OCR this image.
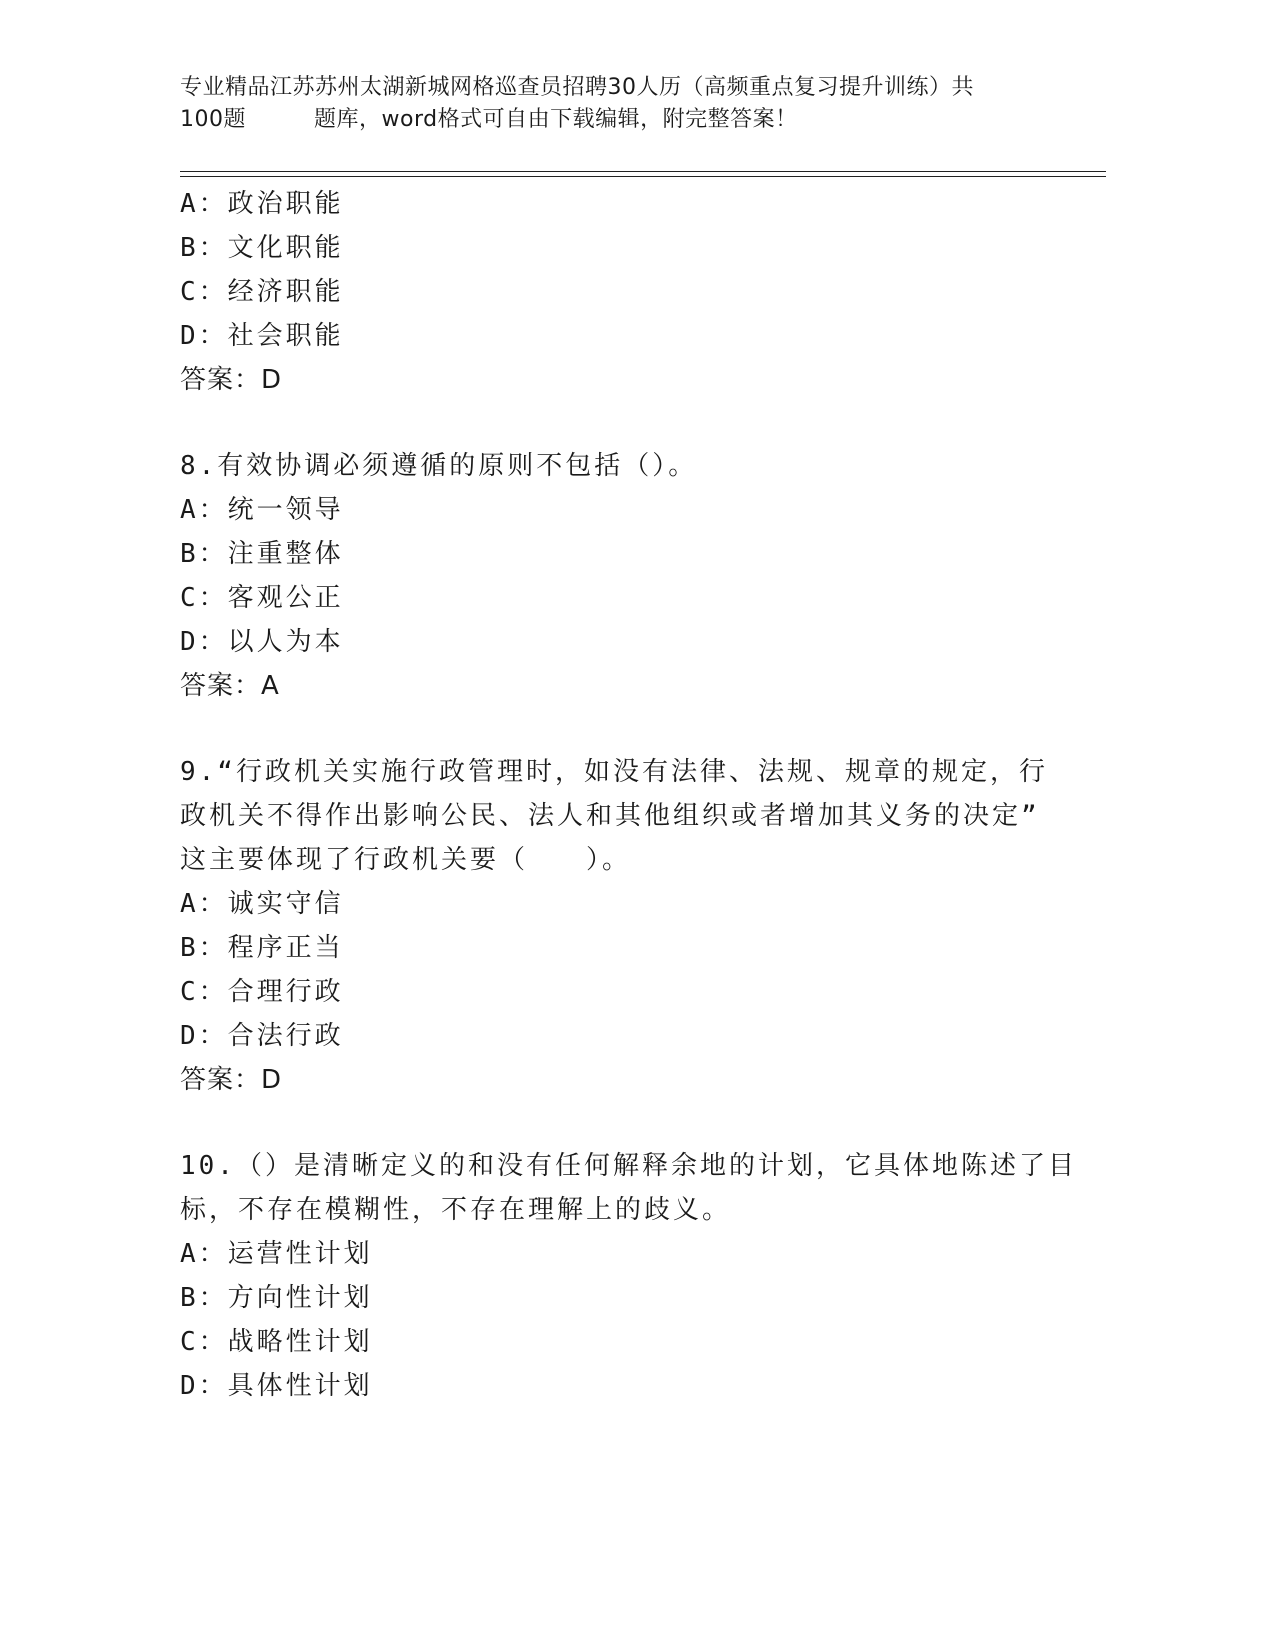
专业精品江苏苏州太湖新城网格巡查员招聘30人历（高频重点复习提升训练）共
100题	题库，word格式可自由下载编辑，附完整答案！
A：政治职能
B：文化职能
C：经济职能
D：社会职能
答案：D
8.有效协调必须遵循的原则不包括（）。
A：统一领导
B：注重整体
C：客观公正
D：以人为本
答案：A
9.“行政机关实施行政管理时，如没有法律、法规、规章的规定，行
政机关不得作出影响公民、法人和其他组织或者增加其义务的决定”
这主要体现了行政机关要（ ）。
A：诚实守信
B：程序正当
C：合理行政
D：合法行政
答案：D
10.（）是清晰定义的和没有任何解释余地的计划，它具体地陈述了目
标，不存在模糊性，不存在理解上的歧义。
A：运营性计划
B：方向性计划
C：战略性计划
D：具体性计划
